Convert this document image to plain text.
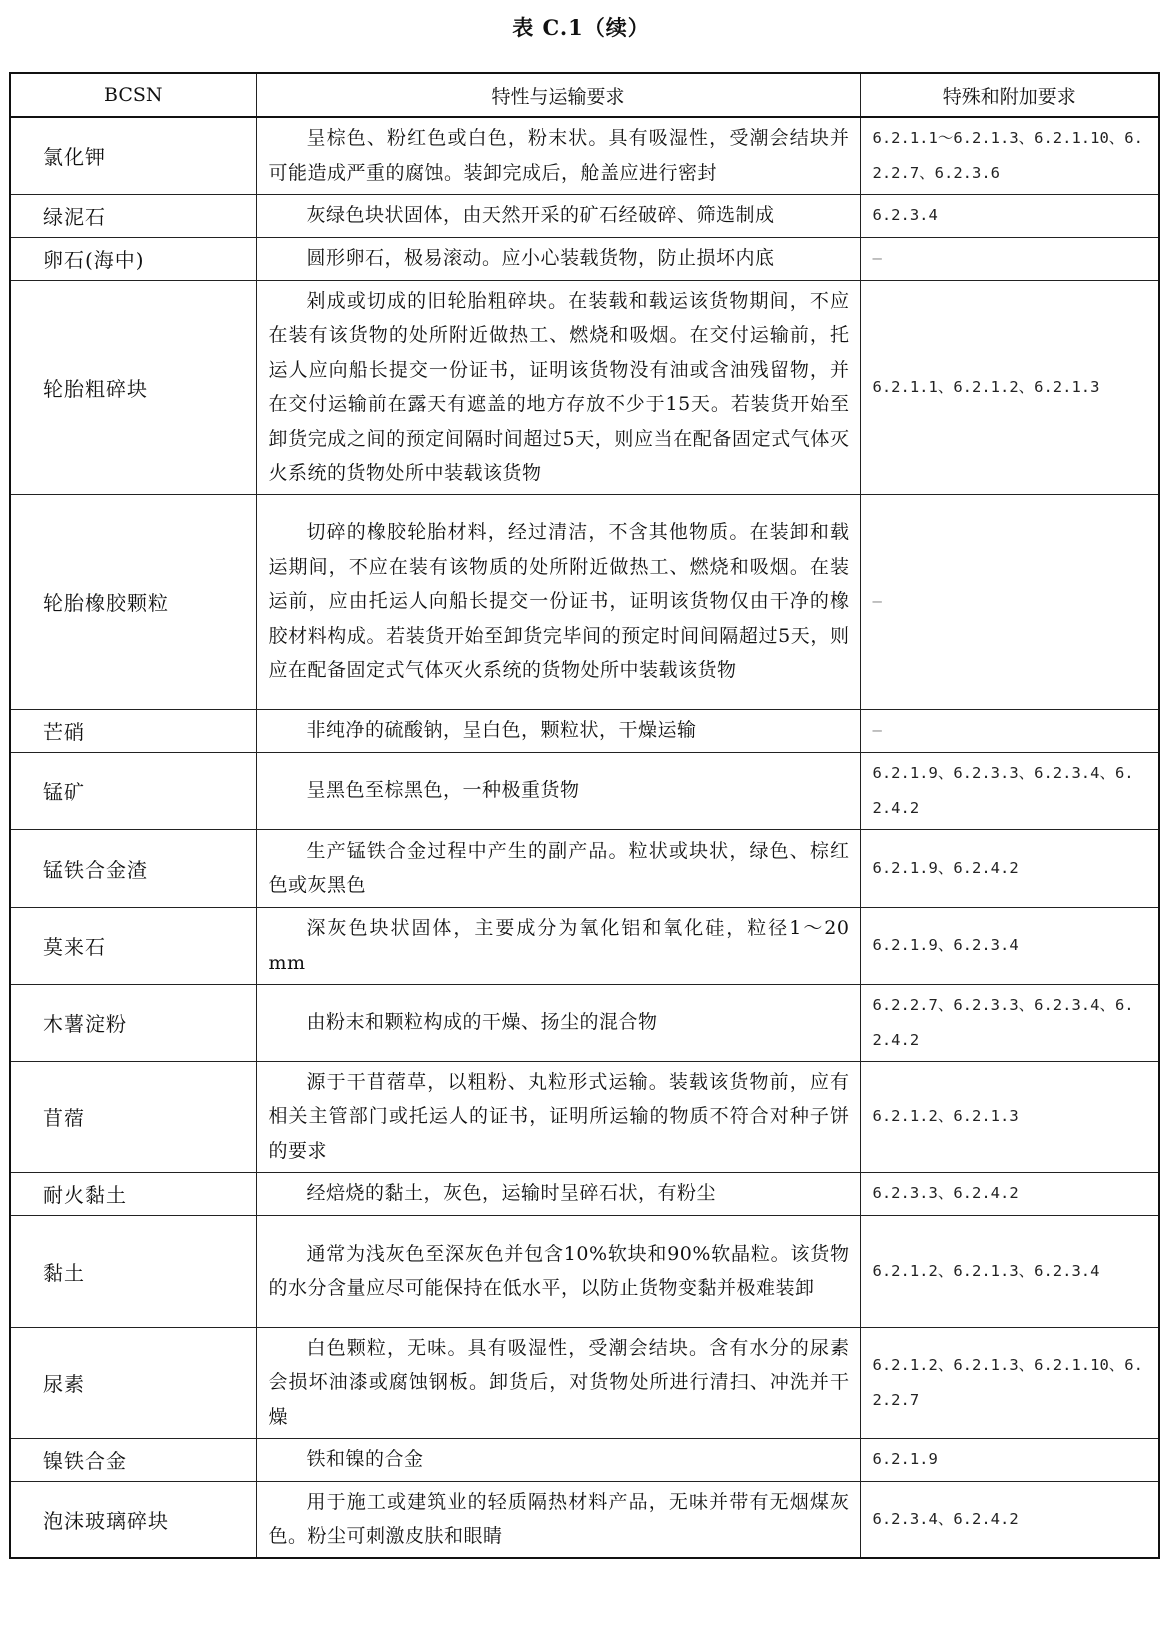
表 C.1（续）
BCSN	特性与运输要求	特殊和附加要求
氯化钾	呈棕色、粉红色或白色，粉末状。具有吸湿性，受潮会结块并可能造成严重的腐蚀。装卸完成后，舱盖应进行密封	6.2.1.1～6.2.1.3、6.2.1.10、6.2.2.7、6.2.3.6
绿泥石	灰绿色块状固体，由天然开采的矿石经破碎、筛选制成	6.2.3.4
卵石(海中)	圆形卵石，极易滚动。应小心装载货物，防止损坏内底	—
轮胎粗碎块	剁成或切成的旧轮胎粗碎块。在装载和载运该货物期间，不应在装有该货物的处所附近做热工、燃烧和吸烟。在交付运输前，托运人应向船长提交一份证书，证明该货物没有油或含油残留物，并在交付运输前在露天有遮盖的地方存放不少于15天。若装货开始至卸货完成之间的预定间隔时间超过5天，则应当在配备固定式气体灭火系统的货物处所中装载该货物	6.2.1.1、6.2.1.2、6.2.1.3
轮胎橡胶颗粒	切碎的橡胶轮胎材料，经过清洁，不含其他物质。在装卸和载运期间，不应在装有该物质的处所附近做热工、燃烧和吸烟。在装运前，应由托运人向船长提交一份证书，证明该货物仅由干净的橡胶材料构成。若装货开始至卸货完毕间的预定时间间隔超过5天，则应在配备固定式气体灭火系统的货物处所中装载该货物	—
芒硝	非纯净的硫酸钠，呈白色，颗粒状，干燥运输	—
锰矿	呈黑色至棕黑色，一种极重货物	6.2.1.9、6.2.3.3、6.2.3.4、6.2.4.2
锰铁合金渣	生产锰铁合金过程中产生的副产品。粒状或块状，绿色、棕红色或灰黑色	6.2.1.9、6.2.4.2
莫来石	深灰色块状固体，主要成分为氧化铝和氧化硅，粒径1～20 mm	6.2.1.9、6.2.3.4
木薯淀粉	由粉末和颗粒构成的干燥、扬尘的混合物	6.2.2.7、6.2.3.3、6.2.3.4、6.2.4.2
苜蓿	源于干苜蓿草，以粗粉、丸粒形式运输。装载该货物前，应有相关主管部门或托运人的证书，证明所运输的物质不符合对种子饼的要求	6.2.1.2、6.2.1.3
耐火黏土	经焙烧的黏土，灰色，运输时呈碎石状，有粉尘	6.2.3.3、6.2.4.2
黏土	通常为浅灰色至深灰色并包含10%软块和90%软晶粒。该货物的水分含量应尽可能保持在低水平，以防止货物变黏并极难装卸	6.2.1.2、6.2.1.3、6.2.3.4
尿素	白色颗粒，无味。具有吸湿性，受潮会结块。含有水分的尿素会损坏油漆或腐蚀钢板。卸货后，对货物处所进行清扫、冲洗并干燥	6.2.1.2、6.2.1.3、6.2.1.10、6.2.2.7
镍铁合金	铁和镍的合金	6.2.1.9
泡沫玻璃碎块	用于施工或建筑业的轻质隔热材料产品，无味并带有无烟煤灰色。粉尘可刺激皮肤和眼睛	6.2.3.4、6.2.4.2
